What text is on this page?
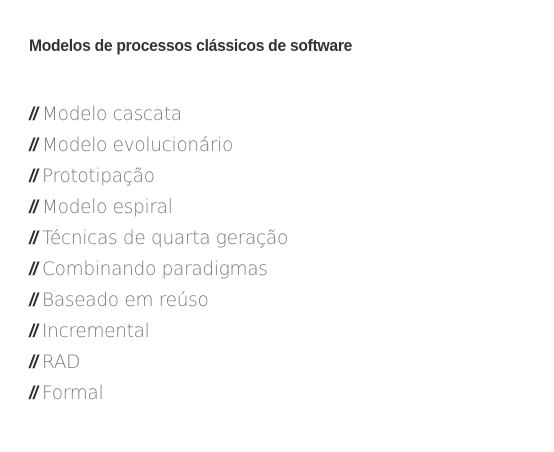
Modelos de processos clássicos de software
// Modelo cascata
// Modelo evolucionário
// Prototipação
// Modelo espiral
// Técnicas de quarta geração
// Combinando paradigmas
// Baseado em reúso
// Incremental
// RAD
// Formal
